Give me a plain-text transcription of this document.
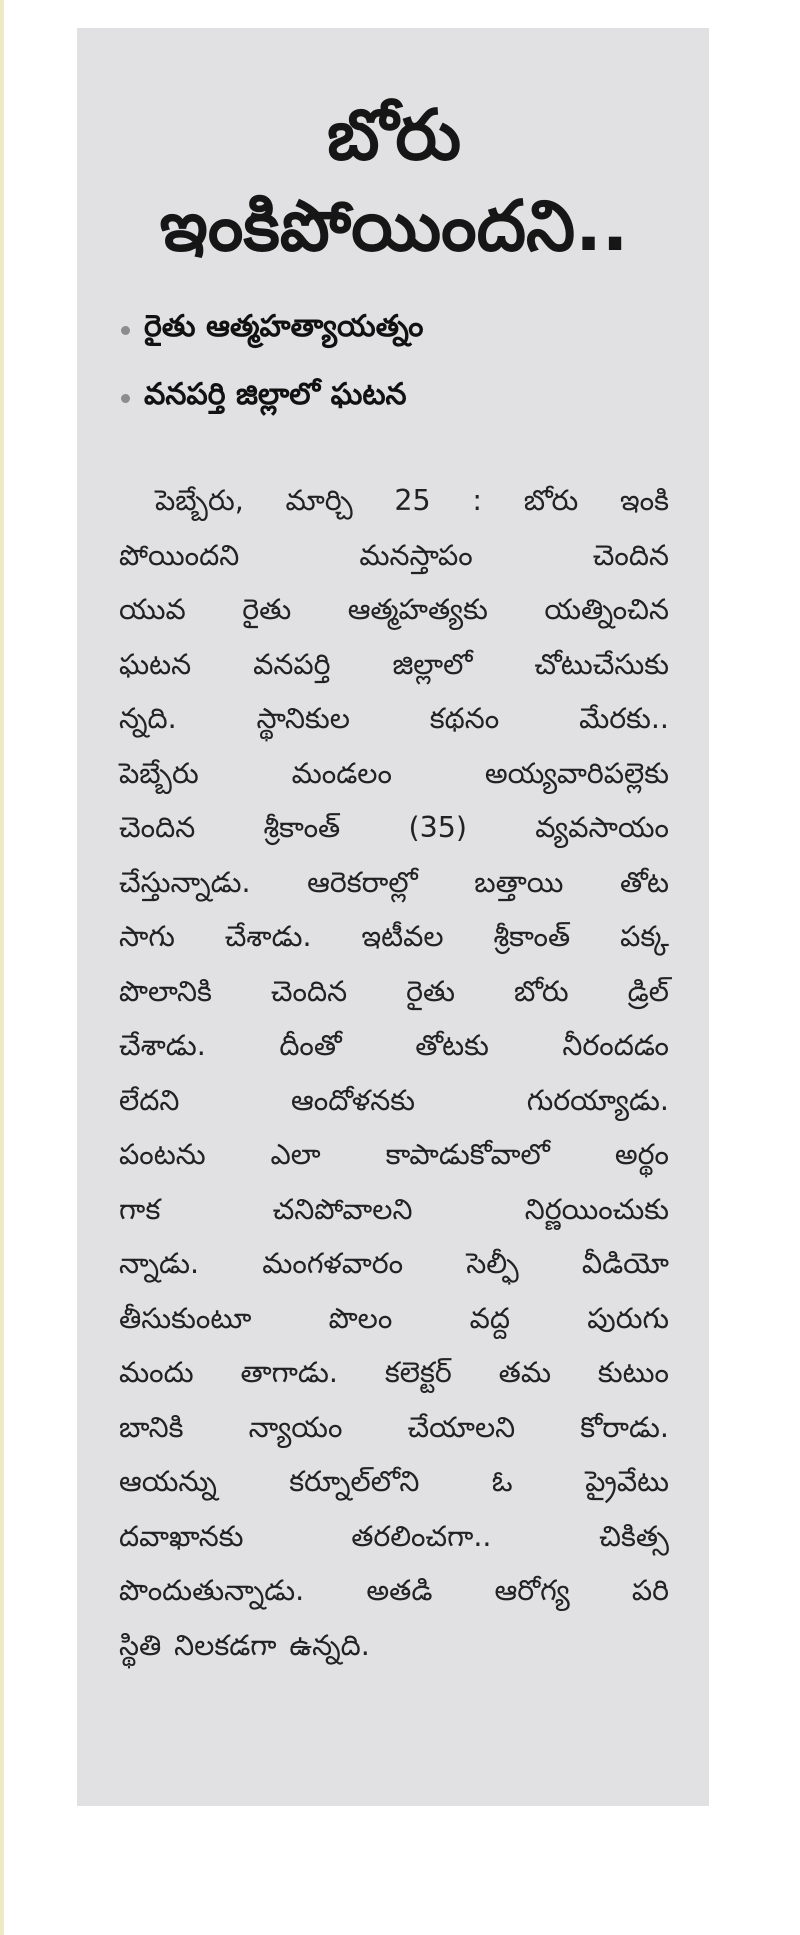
బోరు
ఇంకిపోయిందని..
రైతు ఆత్మహత్యాయత్నం
వనపర్తి జిల్లాలో ఘటన
పెబ్బేరు, మార్చి 25 : బోరు ఇంకి
పోయిందని	మనస్తాపం	చెందిన
యువ రైతు ఆత్మహత్యకు యత్నించిన
ఘటన వనపర్తి జిల్లాలో చోటుచేసుకు
న్నది.	స్థానికుల	కథనం	మేరకు..
పెబ్బేరు	మండలం	అయ్యవారిపల్లెకు
చెందిన శ్రీకాంత్ (35) వ్యవసాయం
చేస్తున్నాడు. ఆరెకరాల్లో బత్తాయి తోట
సాగు చేశాడు. ఇటీవల శ్రీకాంత్ పక్క
పొలానికి చెందిన రైతు బోరు డ్రిల్
చేశాడు.	దీంతో	తోటకు	నీరందడం
లేదని	ఆందోళనకు	గురయ్యాడు.
పంటను ఎలా కాపాడుకోవాలో అర్థం
గాక	చనిపోవాలని	నిర్ణయించుకు
న్నాడు. మంగళవారం సెల్ఫీ వీడియో
తీసుకుంటూ	పొలం	వద్ద	పురుగు
మందు తాగాడు. కలెక్టర్ తమ కుటుం
బానికి న్యాయం చేయాలని కోరాడు.
ఆయన్ను	కర్నూల్‌లోని	ఓ	ప్రైవేటు
దవాఖానకు	తరలించగా..	చికిత్స
పొందుతున్నాడు. అతడి ఆరోగ్య పరి
స్థితి నిలకడగా ఉన్నది.
